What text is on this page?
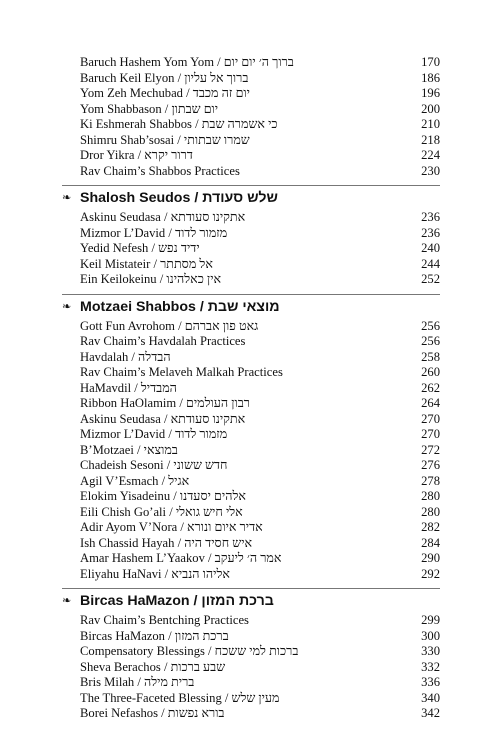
ברוך ה׳ יום יום / Baruch Hashem Yom Yom	170
ברוך אל עליון / Baruch Keil Elyon	186
יום זה מכבד / Yom Zeh Mechubad	196
יום שבתון / Yom Shabbason	200
כי אשמרה שבת / Ki Eshmerah Shabbos	210
שמרו שבתותי / Shimru Shab’sosai	218
דרור יקרא / Dror Yikra	224
Rav Chaim’s Shabbos Practices	230
❧ שלש סעודת / Shalosh Seudos
אתקינו סעודתא / Askinu Seudasa	236
מזמור לדוד / Mizmor L’David	236
ידיד נפש / Yedid Nefesh	240
אל מסתתר / Keil Mistateir	244
אין כאלהינו / Ein Keilokeinu	252
❧ מוצאי שבת / Motzaei Shabbos
גאט פון אברהם / Gott Fun Avrohom	256
Rav Chaim’s Havdalah Practices	256
הבדלה / Havdalah	258
Rav Chaim’s Melaveh Malkah Practices	260
המבדיל / HaMavdil	262
רבון העולמים / Ribbon HaOlamim	264
אתקינו סעודתא / Askinu Seudasa	270
מזמור לדוד / Mizmor L’David	270
במוצאי / B’Motzaei	272
חדש ששוני / Chadeish Sesoni	276
אגיל / Agil V’Esmach	278
אלהים יסעדנו / Elokim Yisadeinu	280
אלי חיש גואלי / Eili Chish Go’ali	280
אדיר איום ונורא / Adir Ayom V’Nora	282
איש חסיד היה / Ish Chassid Hayah	284
אמר ה׳ ליעקב / Amar Hashem L’Yaakov	290
אליהו הנביא / Eliyahu HaNavi	292
❧ ברכת המזון / Bircas HaMazon
Rav Chaim’s Bentching Practices	299
ברכת המזון / Bircas HaMazon	300
ברכות למי ששכח / Compensatory Blessings	330
שבע ברכות / Sheva Berachos	332
ברית מילה / Bris Milah	336
מעין שלש / The Three-Faceted Blessing	340
בורא נפשות / Borei Nefashos	342
